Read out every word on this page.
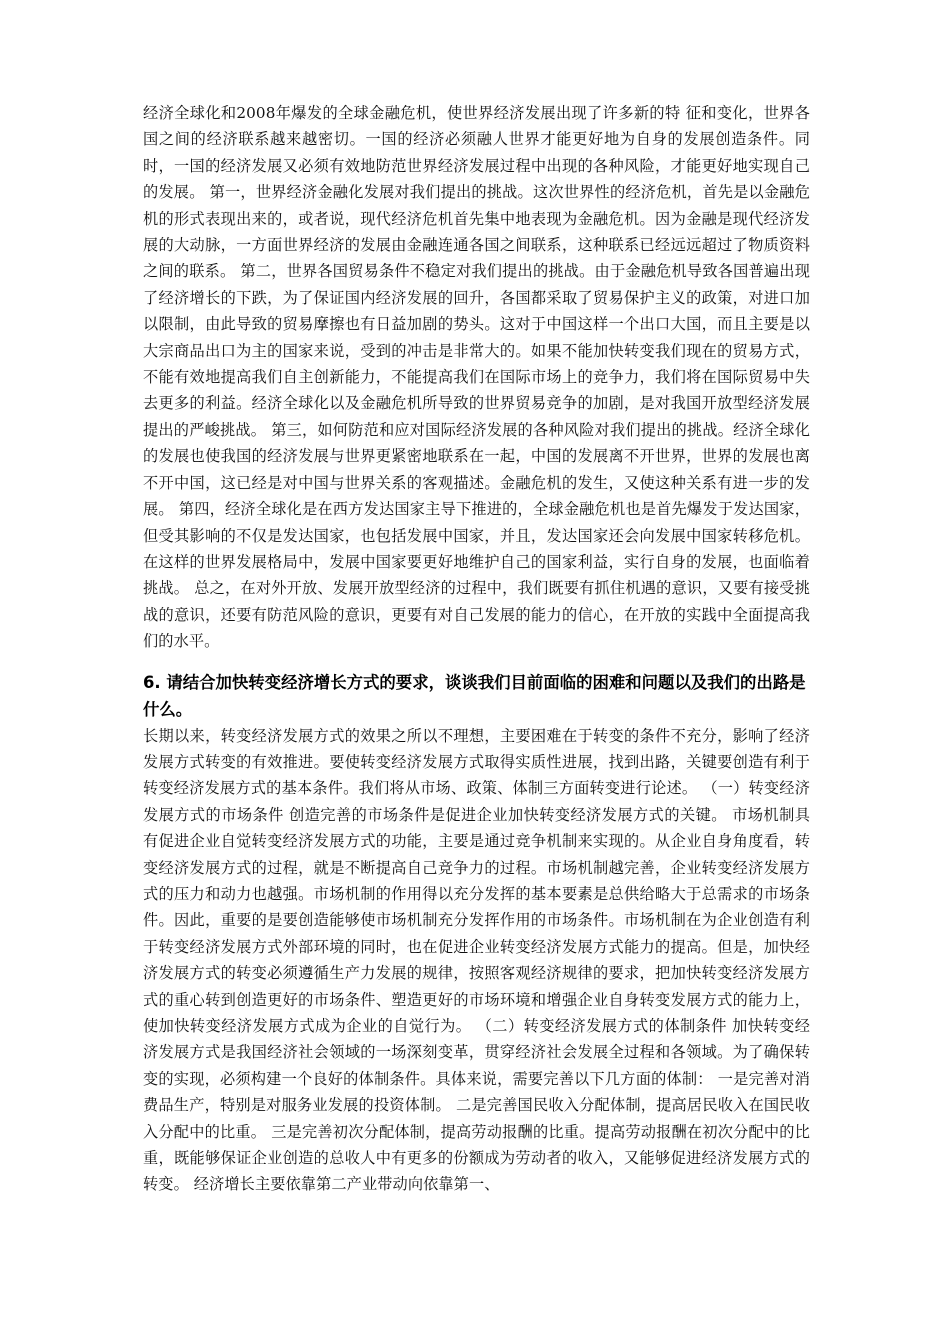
经济全球化和2008年爆发的全球金融危机，使世界经济发展出现了许多新的特 征和变化，世界各国之间的经济联系越来越密切。一国的经济必须融人世界才能更好地为自身的发展创造条件。同时，一国的经济发展又必须有效地防范世界经济发展过程中出现的各种风险，才能更好地实现自己的发展。 第一，世界经济金融化发展对我们提出的挑战。这次世界性的经济危机，首先是以金融危机的形式表现出来的，或者说，现代经济危机首先集中地表现为金融危机。因为金融是现代经济发展的大动脉，一方面世界经济的发展由金融连通各国之间联系，这种联系已经远远超过了物质资料之间的联系。 第二，世界各国贸易条件不稳定对我们提出的挑战。由于金融危机导致各国普遍出现了经济增长的下跌，为了保证国内经济发展的回升，各国都采取了贸易保护主义的政策，对进口加以限制，由此导致的贸易摩擦也有日益加剧的势头。这对于中国这样一个出口大国，而且主要是以大宗商品出口为主的国家来说，受到的冲击是非常大的。如果不能加快转变我们现在的贸易方式，不能有效地提高我们自主创新能力，不能提高我们在国际市场上的竞争力，我们将在国际贸易中失去更多的利益。经济全球化以及金融危机所导致的世界贸易竞争的加剧，是对我国开放型经济发展提出的严峻挑战。 第三，如何防范和应对国际经济发展的各种风险对我们提出的挑战。经济全球化的发展也使我国的经济发展与世界更紧密地联系在一起，中国的发展离不开世界，世界的发展也离不开中国，这已经是对中国与世界关系的客观描述。金融危机的发生，又使这种关系有进一步的发展。 第四，经济全球化是在西方发达国家主导下推进的，全球金融危机也是首先爆发于发达国家，但受其影响的不仅是发达国家，也包括发展中国家，并且，发达国家还会向发展中国家转移危机。在这样的世界发展格局中，发展中国家要更好地维护自己的国家利益，实行自身的发展，也面临着挑战。 总之，在对外开放、发展开放型经济的过程中，我们既要有抓住机遇的意识，又要有接受挑战的意识，还要有防范风险的意识，更要有对自己发展的能力的信心，在开放的实践中全面提高我们的水平。

6. 请结合加快转变经济增长方式的要求，谈谈我们目前面临的困难和问题以及我们的出路是什么。

长期以来，转变经济发展方式的效果之所以不理想，主要困难在于转变的条件不充分，影响了经济发展方式转变的有效推进。要使转变经济发展方式取得实质性进展，找到出路，关键要创造有利于转变经济发展方式的基本条件。我们将从市场、政策、体制三方面转变进行论述。 （一）转变经济发展方式的市场条件 创造完善的市场条件是促进企业加快转变经济发展方式的关键。 市场机制具有促进企业自觉转变经济发展方式的功能，主要是通过竞争机制来实现的。从企业自身角度看，转变经济发展方式的过程，就是不断提高自己竞争力的过程。市场机制越完善，企业转变经济发展方式的压力和动力也越强。市场机制的作用得以充分发挥的基本要素是总供给略大于总需求的市场条件。因此，重要的是要创造能够使市场机制充分发挥作用的市场条件。市场机制在为企业创造有利于转变经济发展方式外部环境的同时，也在促进企业转变经济发展方式能力的提高。但是，加快经济发展方式的转变必须遵循生产力发展的规律，按照客观经济规律的要求，把加快转变经济发展方式的重心转到创造更好的市场条件、塑造更好的市场环境和增强企业自身转变发展方式的能力上，使加快转变经济发展方式成为企业的自觉行为。 （二）转变经济发展方式的体制条件 加快转变经济发展方式是我国经济社会领域的一场深刻变革，贯穿经济社会发展全过程和各领域。为了确保转变的实现，必须构建一个良好的体制条件。具体来说，需要完善以下几方面的体制： 一是完善对消费品生产，特别是对服务业发展的投资体制。 二是完善国民收入分配体制，提高居民收入在国民收入分配中的比重。 三是完善初次分配体制，提高劳动报酬的比重。提高劳动报酬在初次分配中的比重，既能够保证企业创造的总收人中有更多的份额成为劳动者的收入，又能够促进经济发展方式的转变。 经济增长主要依靠第二产业带动向依靠第一、
